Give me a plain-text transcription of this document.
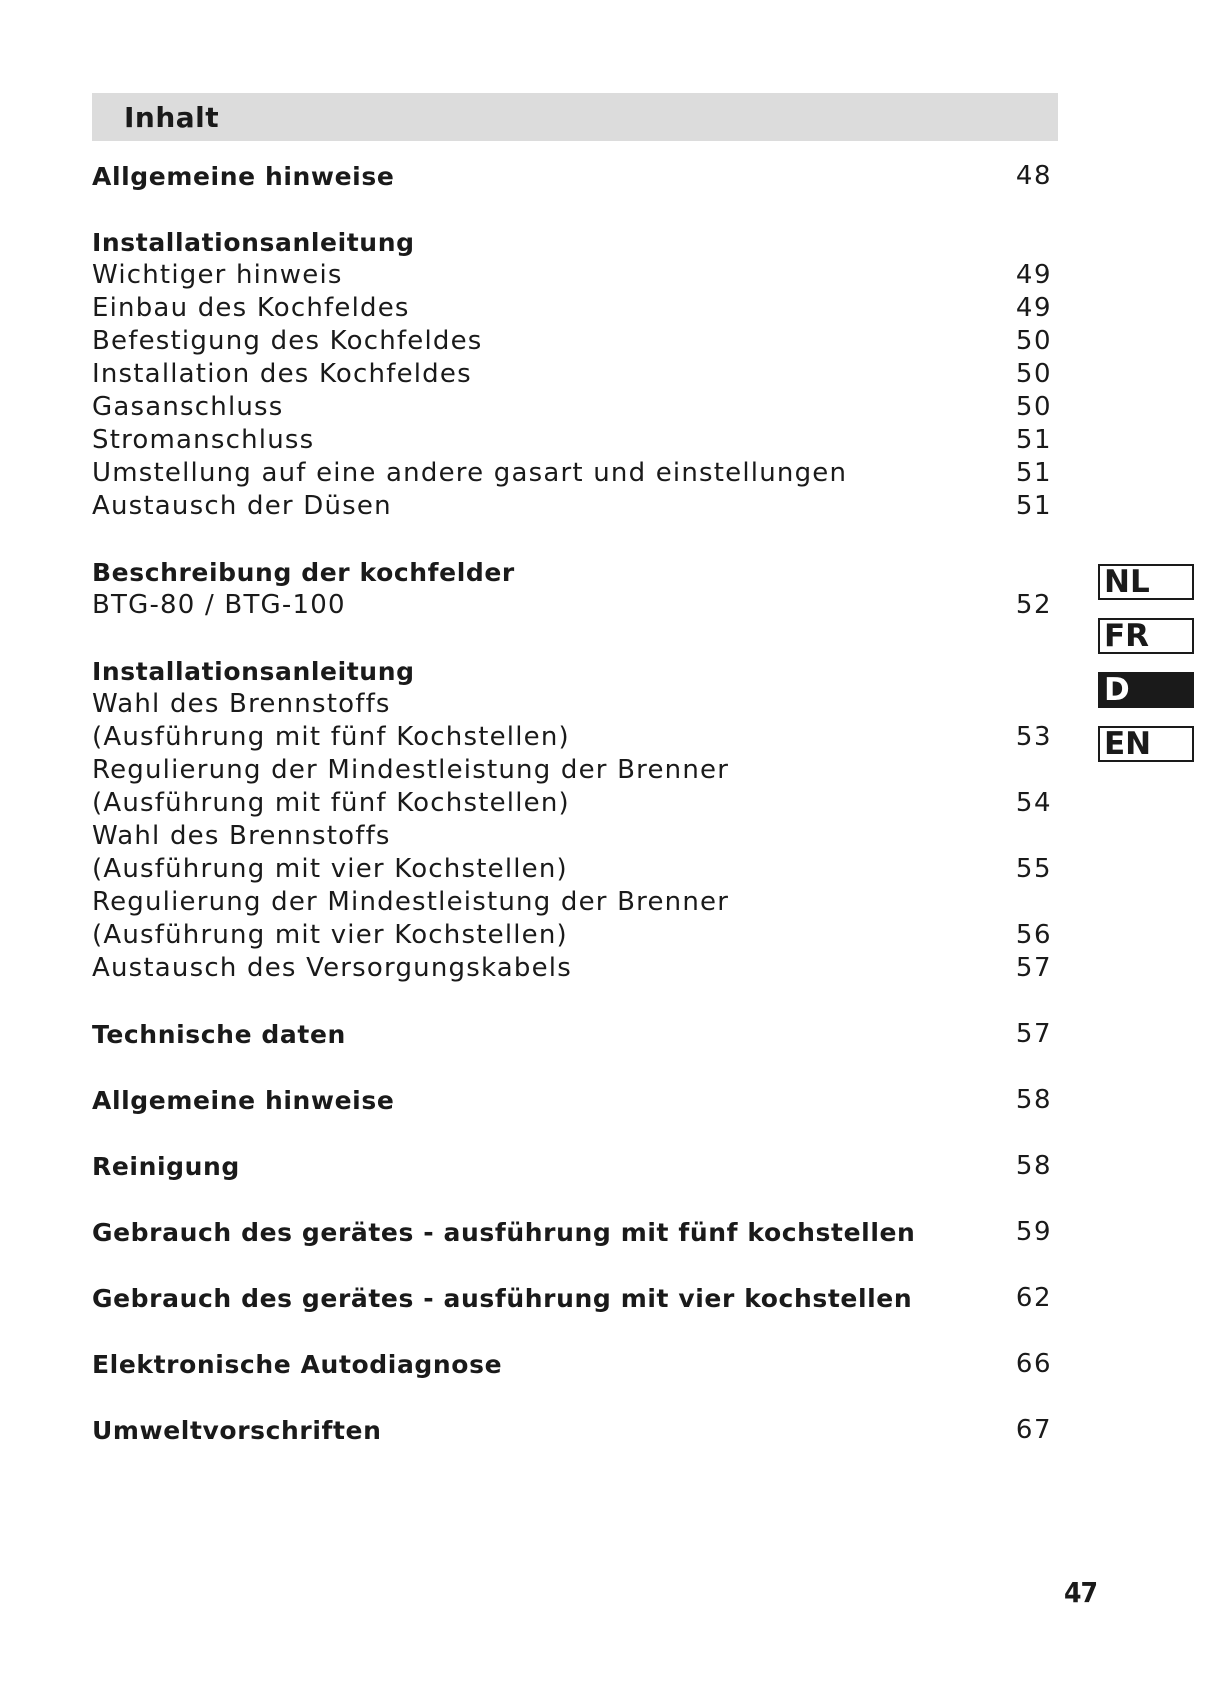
Inhalt
Allgemeine hinweise	48
Installationsanleitung
Wichtiger hinweis	49
Einbau des Kochfeldes	49
Befestigung des Kochfeldes	50
Installation des Kochfeldes	50
Gasanschluss	50
Stromanschluss	51
Umstellung auf eine andere gasart und einstellungen	51
Austausch der Düsen	51
Beschreibung der kochfelder
BTG-80 / BTG-100	52
Installationsanleitung
Wahl des Brennstoffs
(Ausführung mit fünf Kochstellen)	53
Regulierung der Mindestleistung der Brenner
(Ausführung mit fünf Kochstellen)	54
Wahl des Brennstoffs
(Ausführung mit vier Kochstellen)	55
Regulierung der Mindestleistung der Brenner
(Ausführung mit vier Kochstellen)	56
Austausch des Versorgungskabels	57
Technische daten	57
Allgemeine hinweise	58
Reinigung	58
Gebrauch des gerätes - ausführung mit fünf kochstellen	59
Gebrauch des gerätes - ausführung mit vier kochstellen	62
Elektronische Autodiagnose	66
Umweltvorschriften	67
NL
FR
D
EN
47
